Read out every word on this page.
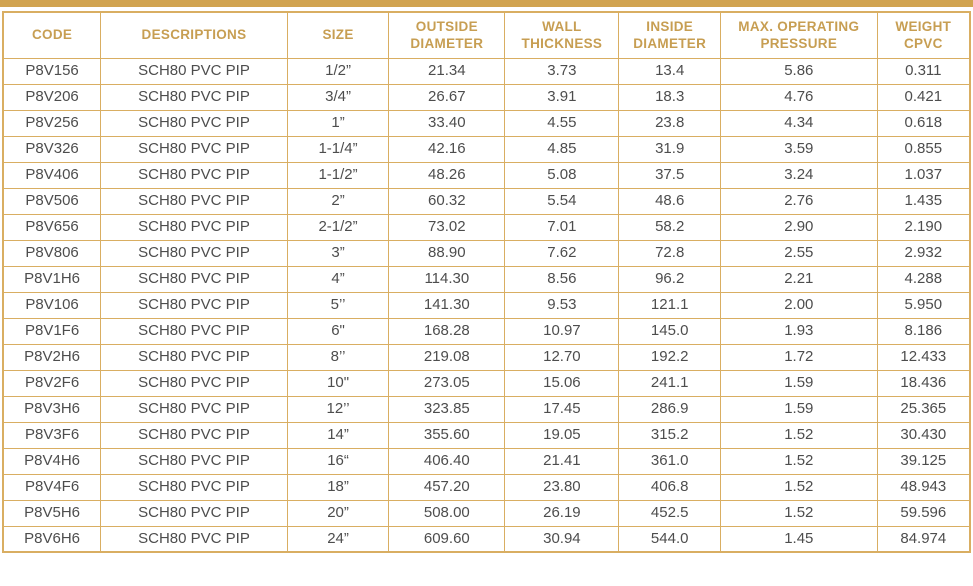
CODE	DESCRIPTIONS	SIZE	OUTSIDE DIAMETER	WALL THICKNESS	INSIDE DIAMETER	MAX. OPERATING PRESSURE	WEIGHT CPVC
P8V156	SCH80 PVC PIP	1/2”	21.34	3.73	13.4	5.86	0.311
P8V206	SCH80 PVC PIP	3/4”	26.67	3.91	18.3	4.76	0.421
P8V256	SCH80 PVC PIP	1”	33.40	4.55	23.8	4.34	0.618
P8V326	SCH80 PVC PIP	1-1/4”	42.16	4.85	31.9	3.59	0.855
P8V406	SCH80 PVC PIP	1-1/2”	48.26	5.08	37.5	3.24	1.037
P8V506	SCH80 PVC PIP	2”	60.32	5.54	48.6	2.76	1.435
P8V656	SCH80 PVC PIP	2-1/2”	73.02	7.01	58.2	2.90	2.190
P8V806	SCH80 PVC PIP	3”	88.90	7.62	72.8	2.55	2.932
P8V1H6	SCH80 PVC PIP	4”	114.30	8.56	96.2	2.21	4.288
P8V106	SCH80 PVC PIP	5’’	141.30	9.53	121.1	2.00	5.950
P8V1F6	SCH80 PVC PIP	6"	168.28	10.97	145.0	1.93	8.186
P8V2H6	SCH80 PVC PIP	8’’	219.08	12.70	192.2	1.72	12.433
P8V2F6	SCH80 PVC PIP	10"	273.05	15.06	241.1	1.59	18.436
P8V3H6	SCH80 PVC PIP	12’’	323.85	17.45	286.9	1.59	25.365
P8V3F6	SCH80 PVC PIP	14”	355.60	19.05	315.2	1.52	30.430
P8V4H6	SCH80 PVC PIP	16“	406.40	21.41	361.0	1.52	39.125
P8V4F6	SCH80 PVC PIP	18”	457.20	23.80	406.8	1.52	48.943
P8V5H6	SCH80 PVC PIP	20”	508.00	26.19	452.5	1.52	59.596
P8V6H6	SCH80 PVC PIP	24”	609.60	30.94	544.0	1.45	84.974
